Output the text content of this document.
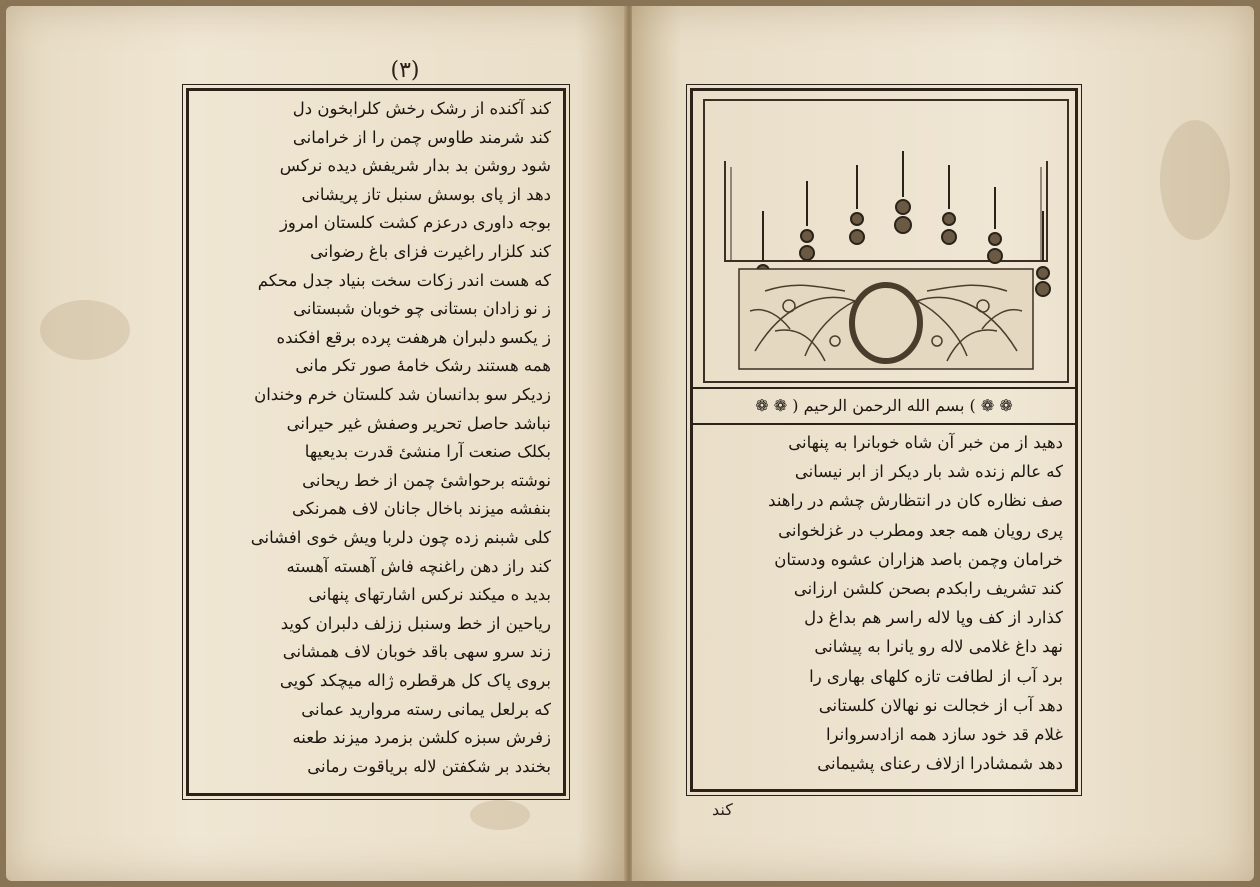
(٣)
کند آکنده از رشک رخش کلرابخون دل
کند شرمند طاوس چمن را از خرامانی
شود روشن بد بدار شریفش دیده نرکس
دهد از پای بوسش سنبل تاز پریشانی
بوجه داوری درعزم کشت کلستان امروز
کند کلزار راغیرت فزای باغ رضوانی
که هست اندر زکات سخت بنیاد جدل محکم
ز نو زادان بستانی چو خوبان شبستانی
ز یکسو دلبران هرهفت پرده برقع افکنده
همه هستند رشک خامهٔ صور تکر مانی
زدیکر سو بدانسان شد کلستان خرم وخندان
نباشد حاصل تحریر وصفش غیر حیرانی
بکلک صنعت آرا منشیٔ قدرت بدیعیها
نوشته برحواشیٔ چمن از خط ریحانی
بنفشه میزند باخال جانان لاف همرنکی
کلی شبنم زده چون دلربا ویش خوی افشانی
کند راز دهن راغنچه فاش آهسته آهسته
بدید ه میکند نرکس اشارتهای پنهانی
ریاحین از خط وسنبل ززلف دلبران کوید
زند سرو سهی باقد خوبان لاف همشانی
بروی پاک کل هرقطره ژاله میچکد کویی
که برلعل یمانی رسته مروارید عمانی
زفرش سبزه کلشن بزمرد میزند طعنه
بخندد بر شکفتن لاله بریاقوت رمانی
❁ ❁ ) بسم الله الرحمن الرحيم ( ❁ ❁
دهید از من خبر آن شاه خوبانرا به پنهانی
که عالم زنده شد بار دیکر از ابر نیسانی
صف نظاره کان در انتظارش چشم در راهند
پری رویان همه جعد ومطرب در غزلخوانی
خرامان وچمن باصد هزاران عشوه ودستان
کند تشریف رابکدم بصحن کلشن ارزانی
کذارد از کف وپا لاله راسر هم بداغ دل
نهد داغ غلامی لاله رو یانرا به پیشانی
برد آب از لطافت تازه کلهای بهاری را
دهد آب از خجالت نو نهالان کلستانی
غلام قد خود سازد همه ازادسروانرا
دهد شمشادرا ازلاف رعنای پشیمانی
کند
